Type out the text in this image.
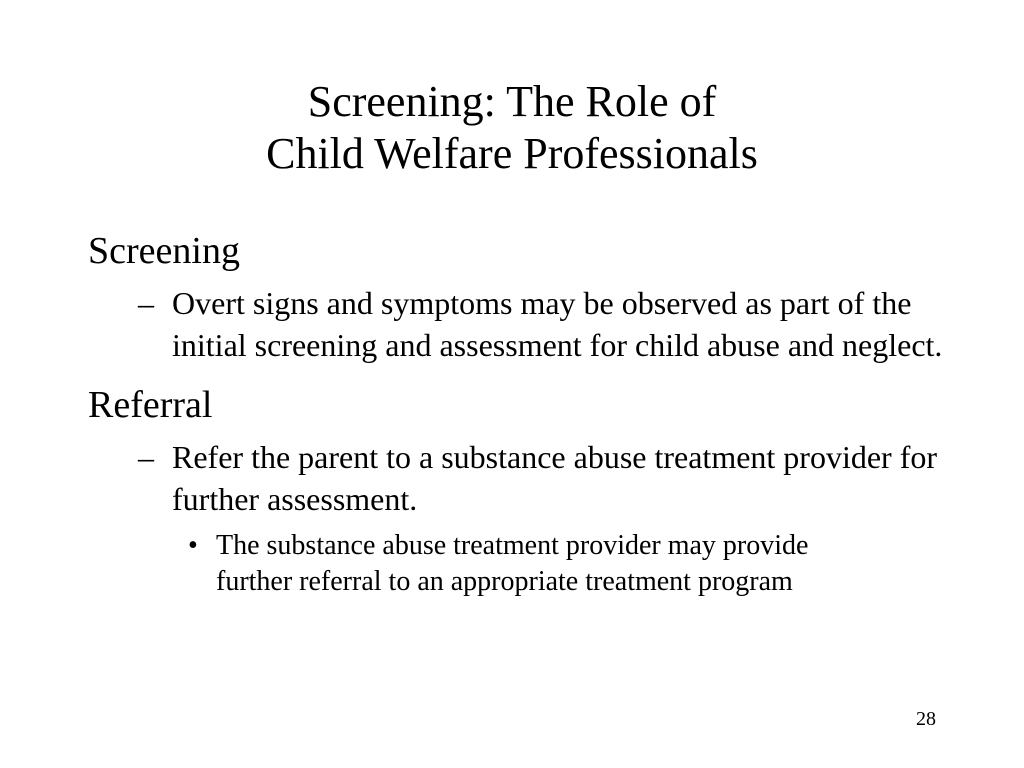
Screening: The Role of
Child Welfare Professionals
Screening
– Overt signs and symptoms may be observed as part of the initial screening and assessment for child abuse and neglect.
Referral
– Refer the parent to a substance abuse treatment provider for further assessment.
• The substance abuse treatment provider may provide further referral to an appropriate treatment program
28
